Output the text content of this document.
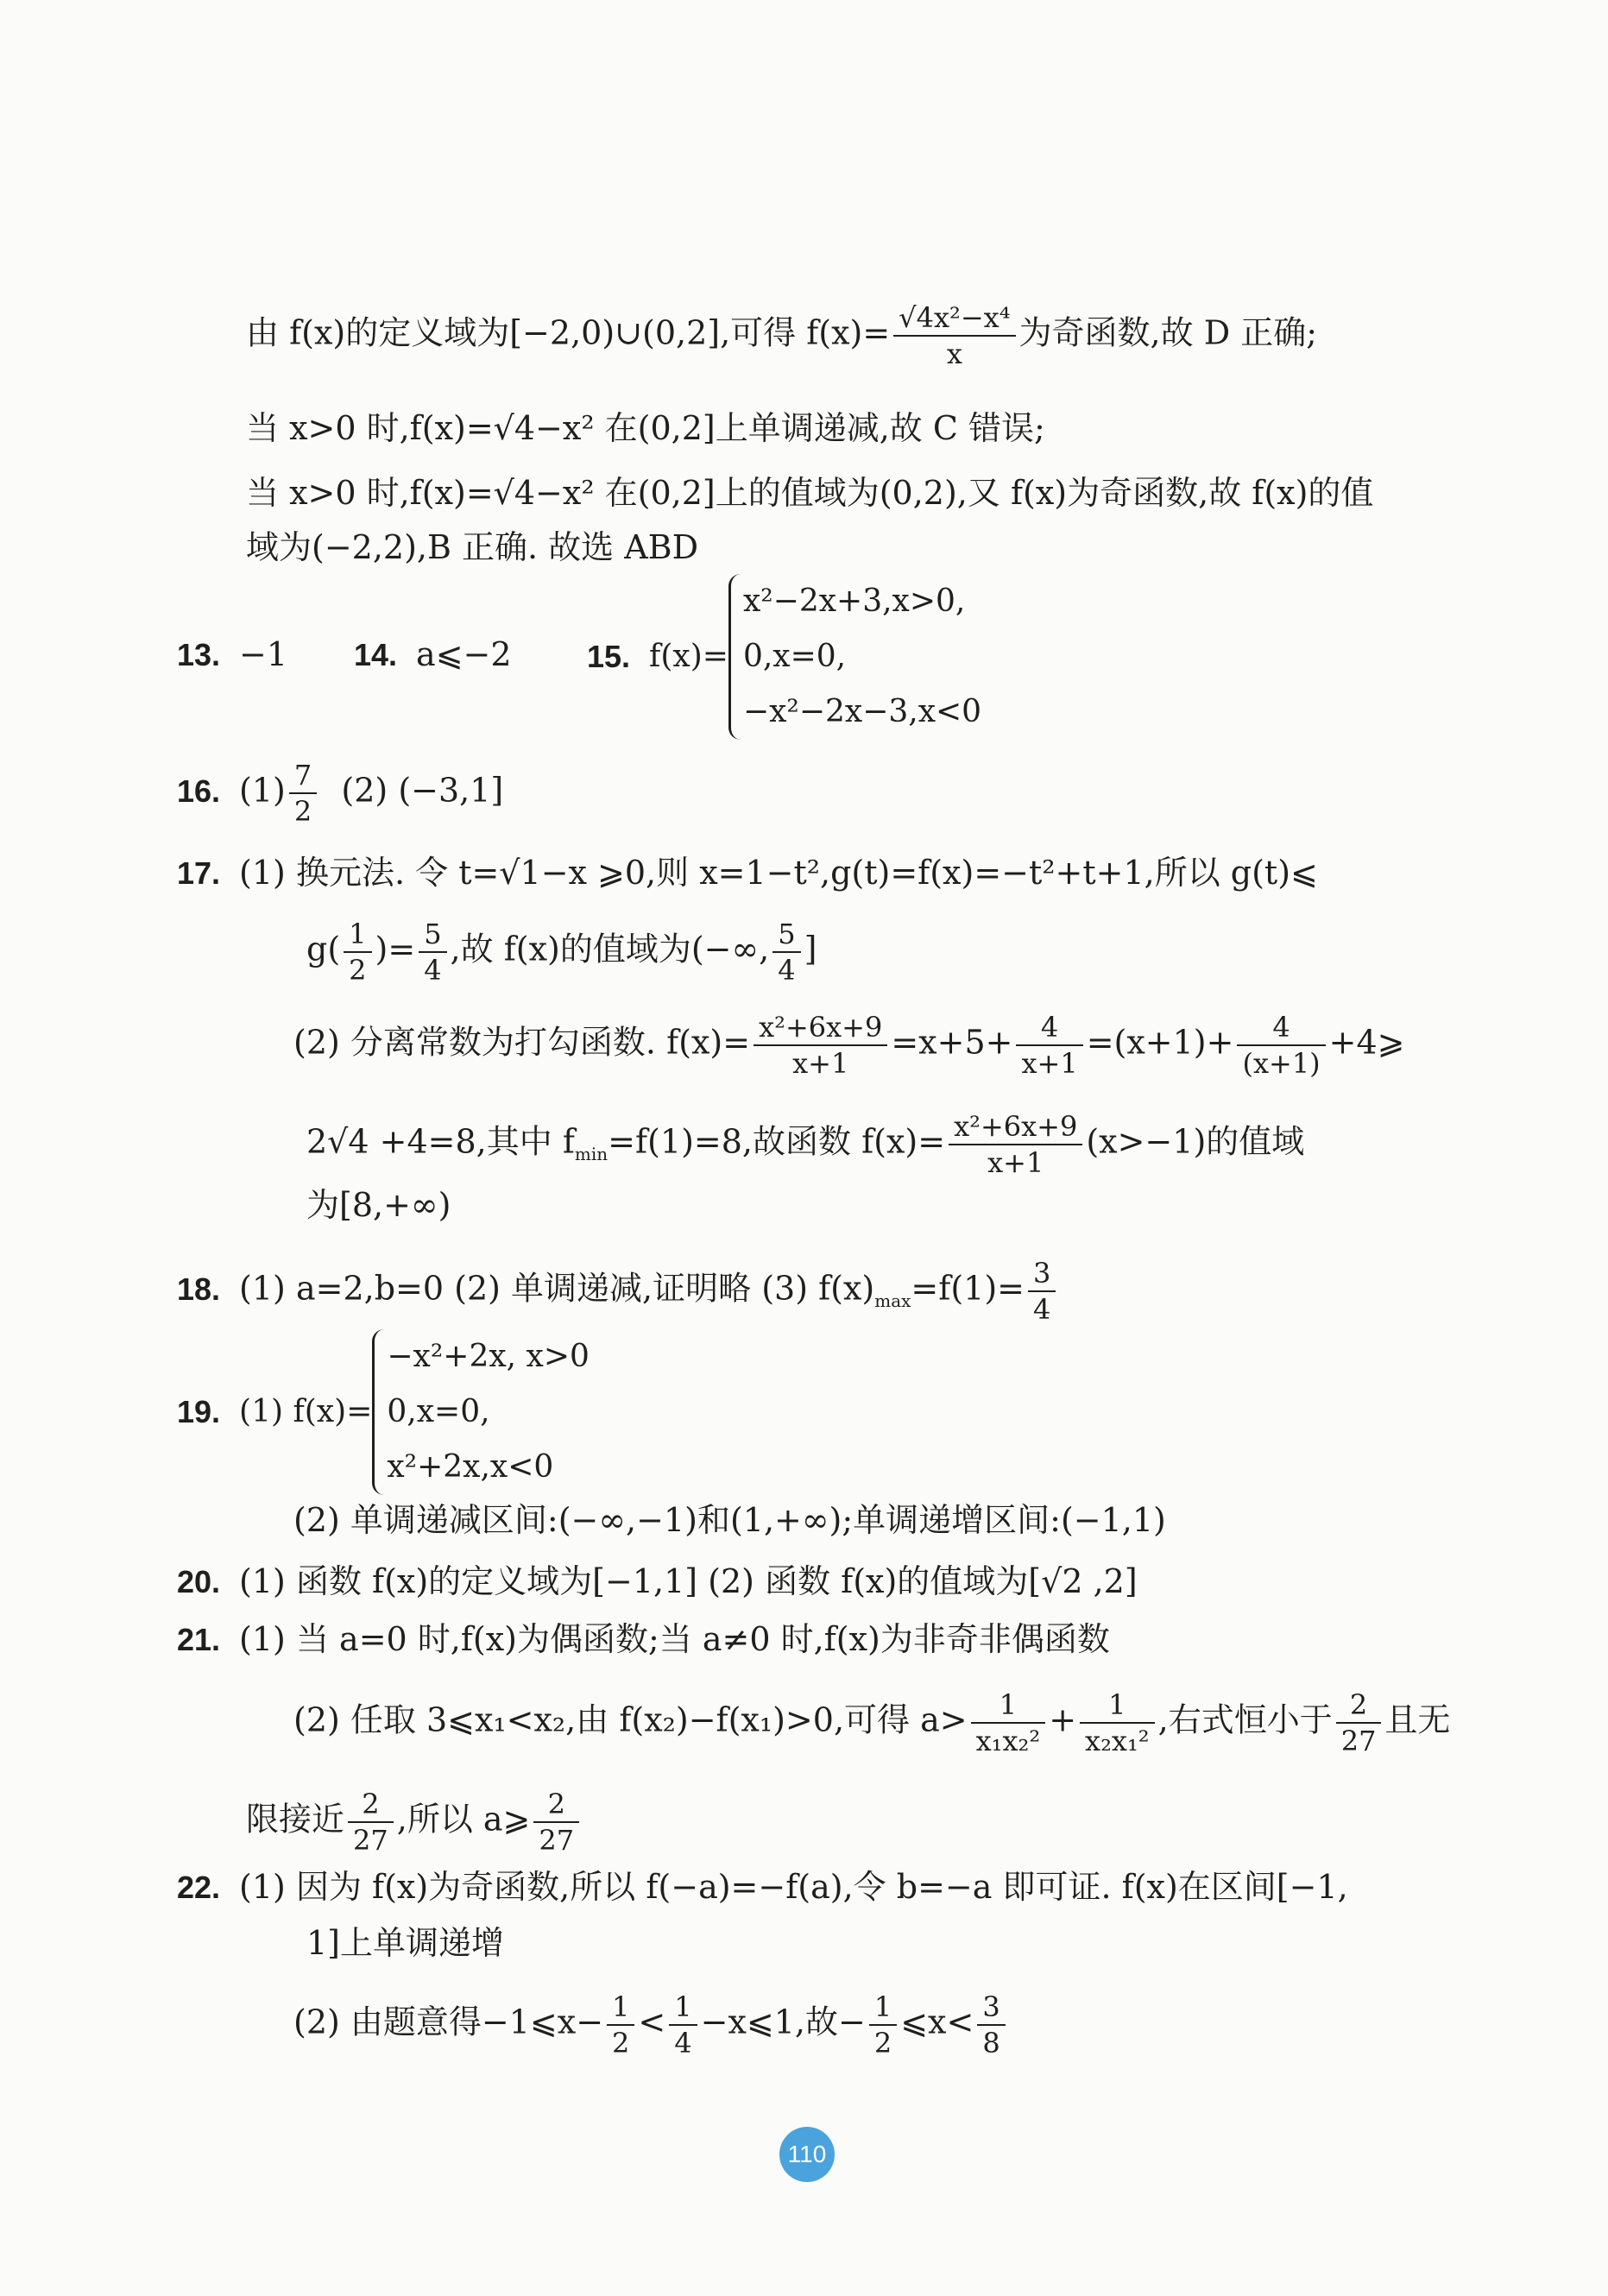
由 f(x)的定义域为[−2,0)∪(0,2],可得 $f(x)= \frac{\text{√4x²−x⁴}}{x}$ 为奇函数,故 D 正确;
当 x>0 时,f(x)=√4−x² 在(0,2]上单调递减,故 C 错误;
当 x>0 时,f(x)=√4−x² 在(0,2]上的值域为(0,2),又 f(x)为奇函数,故 f(x)的值
域为(−2,2),B 正确. 故选 ABD
13. −1 14. a⩽−2 15. f(x)=
x²−2x+3,x>0,
0,x=0,
−x²−2x−3,x<0
16. $(1) \frac{7}{2} (2)$ (−3,1]
17. (1) 换元法. 令 t=√1−x ⩾0,则 x=1−t²,g(t)=f(x)=−t²+t+1,所以 g(t)⩽
$g( \frac{1}{2}$ )= $\frac{5}{4}$ ,故 f(x)的值域为(−∞, $\frac{5}{4}$ ]
(2) 分离常数为打勾函数. $f(x)= \frac{\text{x²+6x+9}}{x+1} =x+5+ \frac{4}{x+1} =(x+1)+ \frac{4}{(x+1)}$ +4⩾
2√4 +4=8,其中 $f_{min}=f(1)=8$,故函数 $f(x)= \frac{\text{x²+6x+9}}{x+1} (x>-1)$的值域
为[8,+∞)
18. (1) a=2,b=0 (2) 单调递减,证明略 (3) $f(x)_{max}=f(1)= \frac{3}{4}$
19. (1) f(x)=
−x²+2x, x>0
0,x=0,
x²+2x,x<0
(2) 单调递减区间:(−∞,−1)和(1,+∞);单调递增区间:(−1,1)
20. (1) 函数 f(x)的定义域为[−1,1] (2) 函数 f(x)的值域为[√2 ,2]
21. (1) 当 a=0 时,f(x)为偶函数;当 a≠0 时,f(x)为非奇非偶函数
(2) 任取 3⩽x₁<x₂,由 f(x₂)−f(x₁)>0,可得 $a> \frac{1}{\text{x₁x₂²}} + \frac{1}{\text{x₂x₁²}}$ ,右式恒小于 $\frac{2}{27}$ 且无
限接近 $\frac{2}{27}$ ,所以 a⩾ $\frac{2}{27}$
22. (1) 因为 f(x)为奇函数,所以 f(−a)=−f(a),令 b=−a 即可证. f(x)在区间[−1,
1]上单调递增
(2) 由题意得−1⩽x− $\frac{1}{2} < \frac{1}{4}$ −x⩽1,故− $\frac{1}{2}$ ⩽x< $\frac{3}{8}$
110
